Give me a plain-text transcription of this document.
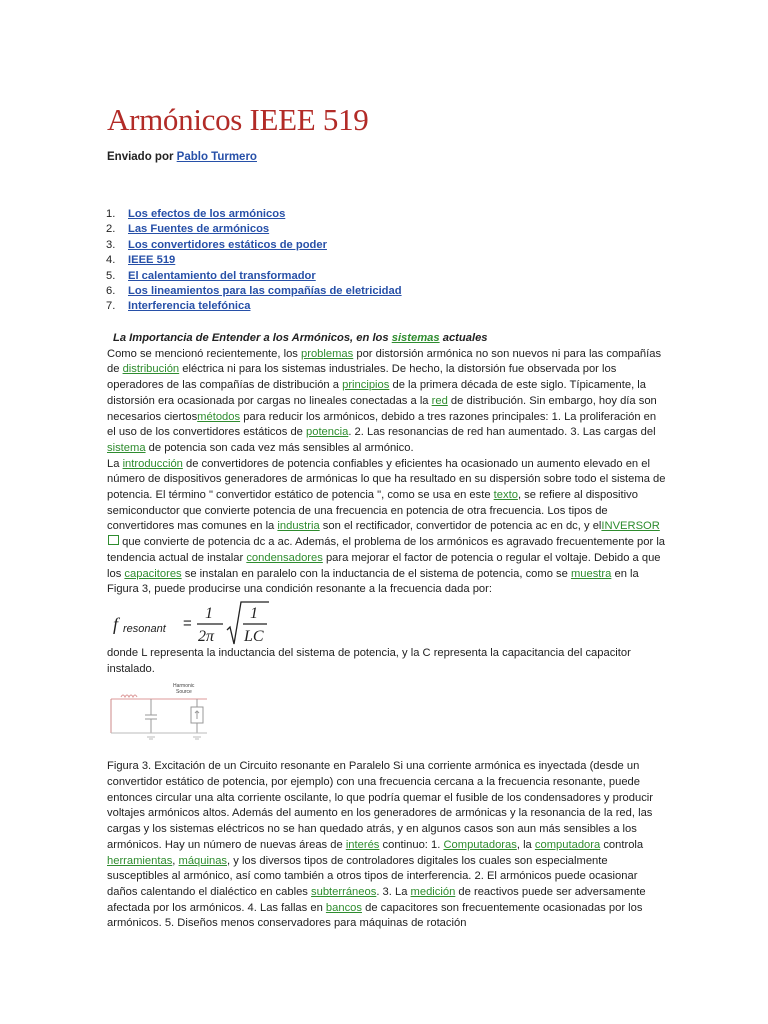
Armónicos IEEE 519
Enviado por Pablo Turmero
1. Los efectos de los armónicos
2. Las Fuentes de armónicos
3. Los convertidores estáticos de poder
4. IEEE 519
5. El calentamiento del transformador
6. Los lineamientos para las compañías de eletricidad
7. Interferencia telefónica

La Importancia de Entender a los Armónicos, en los sistemas actuales

Como se mencionó recientemente, los problemas por distorsión armónica no son nuevos ni para las compañías de distribución eléctrica ni para los sistemas industriales. De hecho, la distorsión fue observada por los operadores de las compañías de distribución a principios de la primera década de este siglo. Típicamente, la distorsión era ocasionada por cargas no lineales conectadas a la red de distribución. Sin embargo, hoy día son necesarios ciertosmétodos para reducir los armónicos, debido a tres razones principales: 1. La proliferación en el uso de los convertidores estáticos de potencia. 2. Las resonancias de red han aumentado. 3. Las cargas del sistema de potencia son cada vez más sensibles al armónico.

La introducción de convertidores de potencia confiables y eficientes ha ocasionado un aumento elevado en el número de dispositivos generadores de armónicas lo que ha resultado en su dispersión sobre todo el sistema de potencia. El término " convertidor estático de potencia ", como se usa en este texto, se refiere al dispositivo semiconductor que convierte potencia de una frecuencia en potencia de otra frecuencia. Los tipos de convertidores mas comunes en la industria son el rectificador, convertidor de potencia ac en dc, y elINVERSOR que convierte de potencia dc a ac. Además, el problema de los armónicos es agravado frecuentemente por la tendencia actual de instalar condensadores para mejorar el factor de potencia o regular el voltaje. Debido a que los capacitores se instalan en paralelo con la inductancia de el sistema de potencia, como se muestra en la Figura 3, puede producirse una condición resonante a la frecuencia dada por:

f resonant =
1
2π
1
LC

donde L representa la inductancia del sistema de potencia, y la C representa la capacitancia del capacitor instalado.

Harmonic
Source

Figura 3. Excitación de un Circuito resonante en Paralelo Si una corriente armónica es inyectada (desde un convertidor estático de potencia, por ejemplo) con una frecuencia cercana a la frecuencia resonante, puede entonces circular una alta corriente oscilante, lo que podría quemar el fusible de los condensadores y producir voltajes armónicos altos. Además del aumento en los generadores de armónicas y la resonancia de la red, las cargas y los sistemas eléctricos no se han quedado atrás, y en algunos casos son aun más sensibles a los armónicos. Hay un número de nuevas áreas de interés continuo: 1. Computadoras, la computadora controla herramientas, máquinas, y los diversos tipos de controladores digitales los cuales son especialmente susceptibles al armónico, así como también a otros tipos de interferencia. 2. El armónicos puede ocasionar daños calentando el dialéctico en cables subterráneos. 3. La medición de reactivos puede ser adversamente afectada por los armónicos. 4. Las fallas en bancos de capacitores son frecuentemente ocasionadas por los armónicos. 5. Diseños menos conservadores para máquinas de rotación
